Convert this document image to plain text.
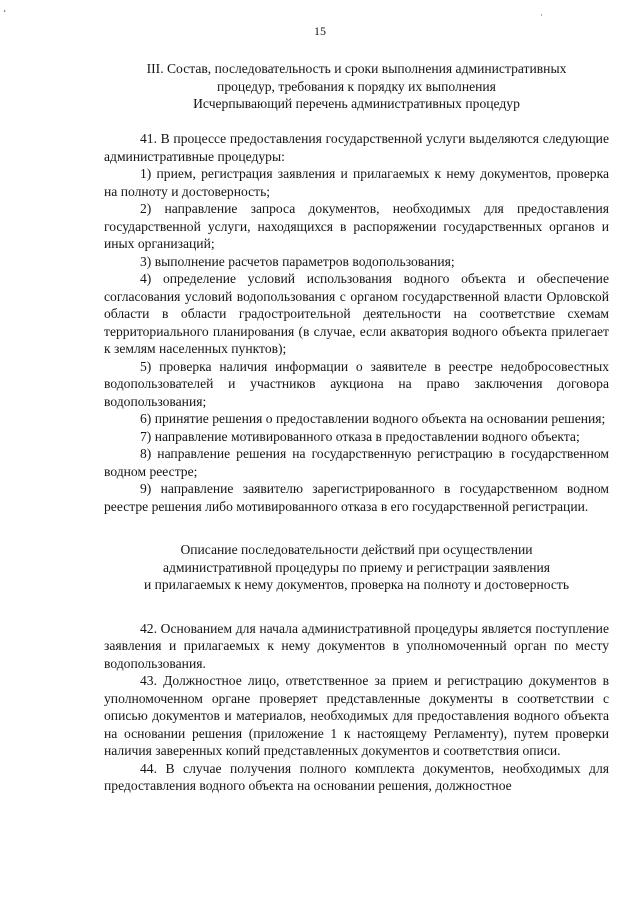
¸
·
15

III. Состав, последовательность и сроки выполнения административных

процедур, требования к порядку их выполнения

Исчерпывающий перечень административных процедур

41. В процессе предоставления государственной услуги выделяются следующие административные процедуры:

1) прием, регистрация заявления и прилагаемых к нему документов, проверка на полноту и достоверность;

2) направление запроса документов, необходимых для предоставления государственной услуги, находящихся в распоряжении государственных органов и иных организаций;

3) выполнение расчетов параметров водопользования;

4) определение условий использования водного объекта и обеспечение согласования условий водопользования с органом государственной власти Орловской области в области градостроительной деятельности на соответствие схемам территориального планирования (в случае, если акватория водного объекта прилегает к землям населенных пунктов);

5) проверка наличия информации о заявителе в реестре недобросовестных водопользователей и участников аукциона на право заключения договора водопользования;

6) принятие решения о предоставлении водного объекта на основании решения;

7) направление мотивированного отказа в предоставлении водного объекта;

8) направление решения на государственную регистрацию в государственном водном реестре;

9) направление заявителю зарегистрированного в государственном водном реестре решения либо мотивированного отказа в его государственной регистрации.

Описание последовательности действий при осуществлении

административной процедуры по приему и регистрации заявления

и прилагаемых к нему документов, проверка на полноту и достоверность

42. Основанием для начала административной процедуры является поступление заявления и прилагаемых к нему документов в уполномоченный орган по месту водопользования.

43. Должностное лицо, ответственное за прием и регистрацию документов в уполномоченном органе проверяет представленные документы в соответствии с описью документов и материалов, необходимых для предоставления водного объекта на основании решения (приложение 1 к настоящему Регламенту), путем проверки наличия заверенных копий представленных документов и соответствия описи.

44. В случае получения полного комплекта документов, необходимых для предоставления водного объекта на основании решения, должностное
